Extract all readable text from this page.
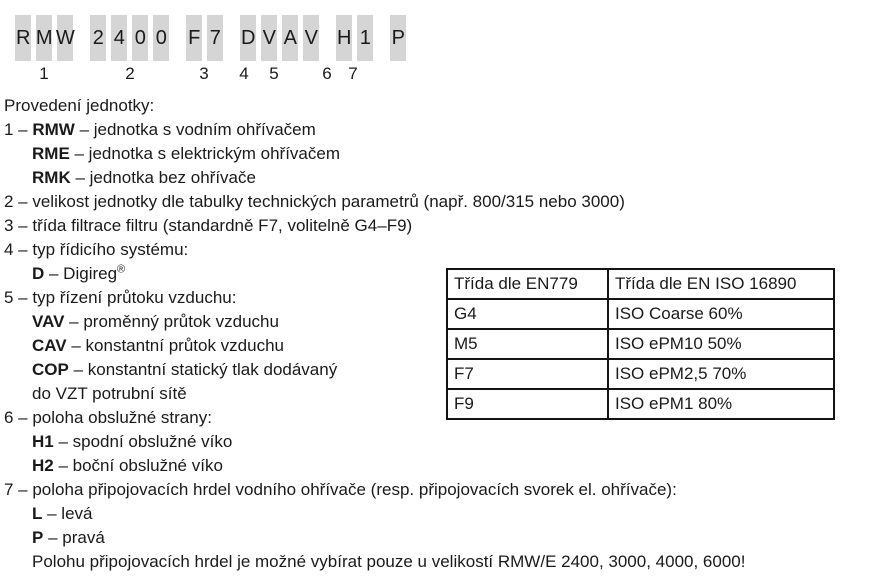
R M W 2 4 0 0 F 7 D V A V H 1 P
1	2	3 4 5	6 7
Provedení jednotky:
1 – RMW – jednotka s vodním ohřívačem
RME – jednotka s elektrickým ohřívačem
RMK – jednotka bez ohřívače
2 – velikost jednotky dle tabulky technických parametrů (např. 800/315 nebo 3000)
3 – třída filtrace filtru (standardně F7, volitelně G4–F9)
4 – typ řídicího systému:
D – Digireg®
5 – typ řízení průtoku vzduchu:
VAV – proměnný průtok vzduchu
CAV – konstantní průtok vzduchu
COP – konstantní statický tlak dodávaný
do VZT potrubní sítě
6 – poloha obslužné strany:
H1 – spodní obslužné víko
H2 – boční obslužné víko
7 – poloha připojovacích hrdel vodního ohřívače (resp. připojovacích svorek el. ohřívače):
L – levá
P – pravá
Polohu připojovacích hrdel je možné vybírat pouze u velikostí RMW/E 2400, 3000, 4000, 6000!
Třída dle EN779	Třída dle EN ISO 16890
G4	ISO Coarse 60%
M5	ISO ePM10 50%
F7	ISO ePM2,5 70%
F9	ISO ePM1 80%
